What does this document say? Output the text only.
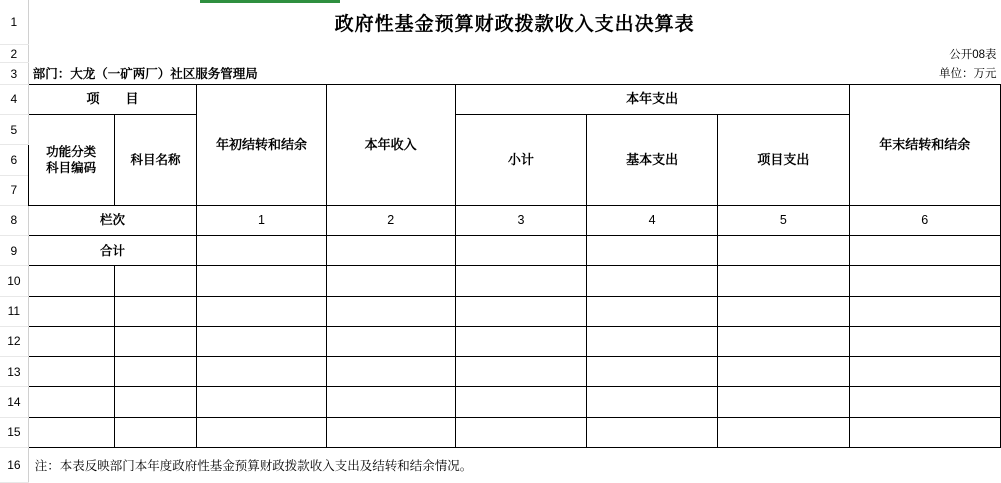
1	政府性基金预算财政拨款收入支出决算表							

2	公开08表							

3	部门：大龙（一矿两厂）社区服务管理局					单位：万元		

4	项　　目		年初结转和结余	本年收入	本年支出			年末结转和结余
5	功能分类
科目编码	科目名称			小计	基本支出	项目支出	
6								
7								
8	栏次		1	2	3	4	5	6
9	合计							
10								
11								
12								
13								
14								
15								
16	注：本表反映部门本年度政府性基金预算财政拨款收入支出及结转和结余情况。							
